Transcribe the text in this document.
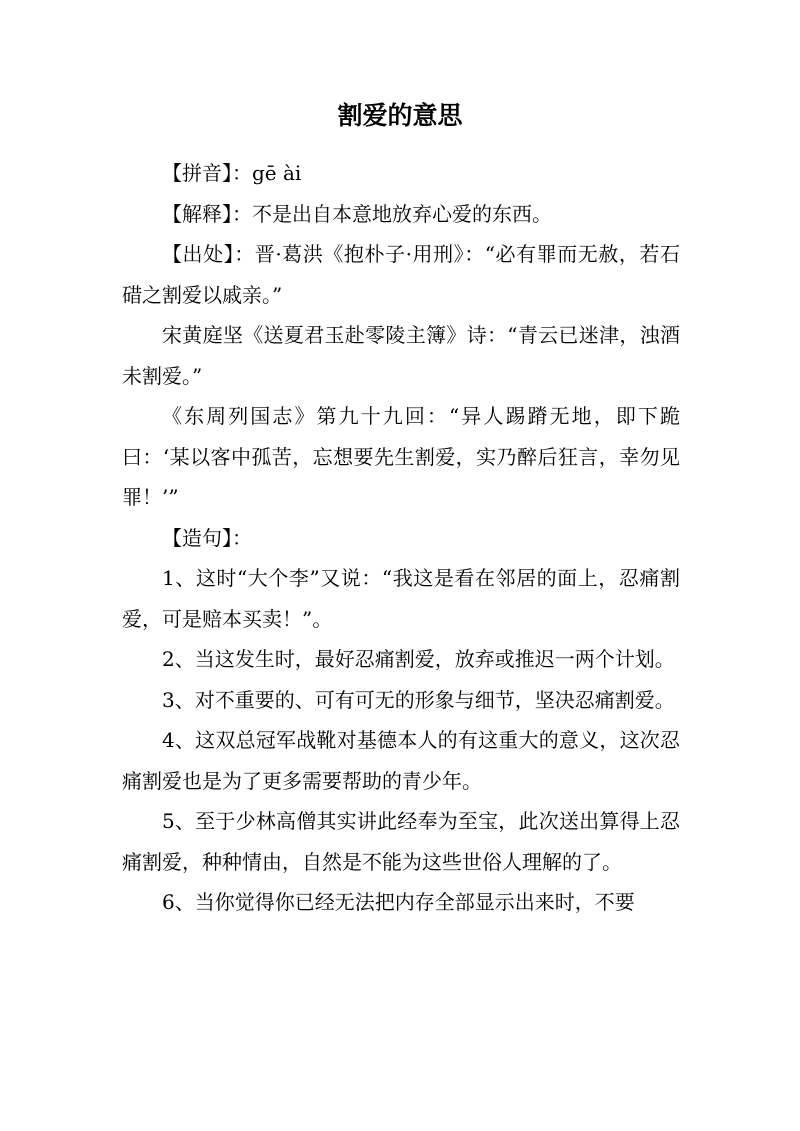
割爱的意思

【拼音】：gē ài

【解释】：不是出自本意地放弃心爱的东西。

【出处】：晋·葛洪《抱朴子·用刑》：“必有罪而无赦，若石碏之割爱以戚亲。”

宋黄庭坚《送夏君玉赴零陵主簿》诗：“青云已迷津，浊酒未割爱。”

《东周列国志》第九十九回：“异人踢蹐无地，即下跪曰：‘某以客中孤苦，忘想要先生割爱，实乃醉后狂言，幸勿见罪！’”

【造句】：

1、这时“大个李”又说：“我这是看在邻居的面上，忍痛割爱，可是赔本买卖！”。

2、当这发生时，最好忍痛割爱，放弃或推迟一两个计划。

3、对不重要的、可有可无的形象与细节，坚决忍痛割爱。

4、这双总冠军战靴对基德本人的有这重大的意义，这次忍痛割爱也是为了更多需要帮助的青少年。

5、至于少林高僧其实讲此经奉为至宝，此次送出算得上忍痛割爱，种种情由，自然是不能为这些世俗人理解的了。

6、当你觉得你已经无法把内存全部显示出来时，不要
